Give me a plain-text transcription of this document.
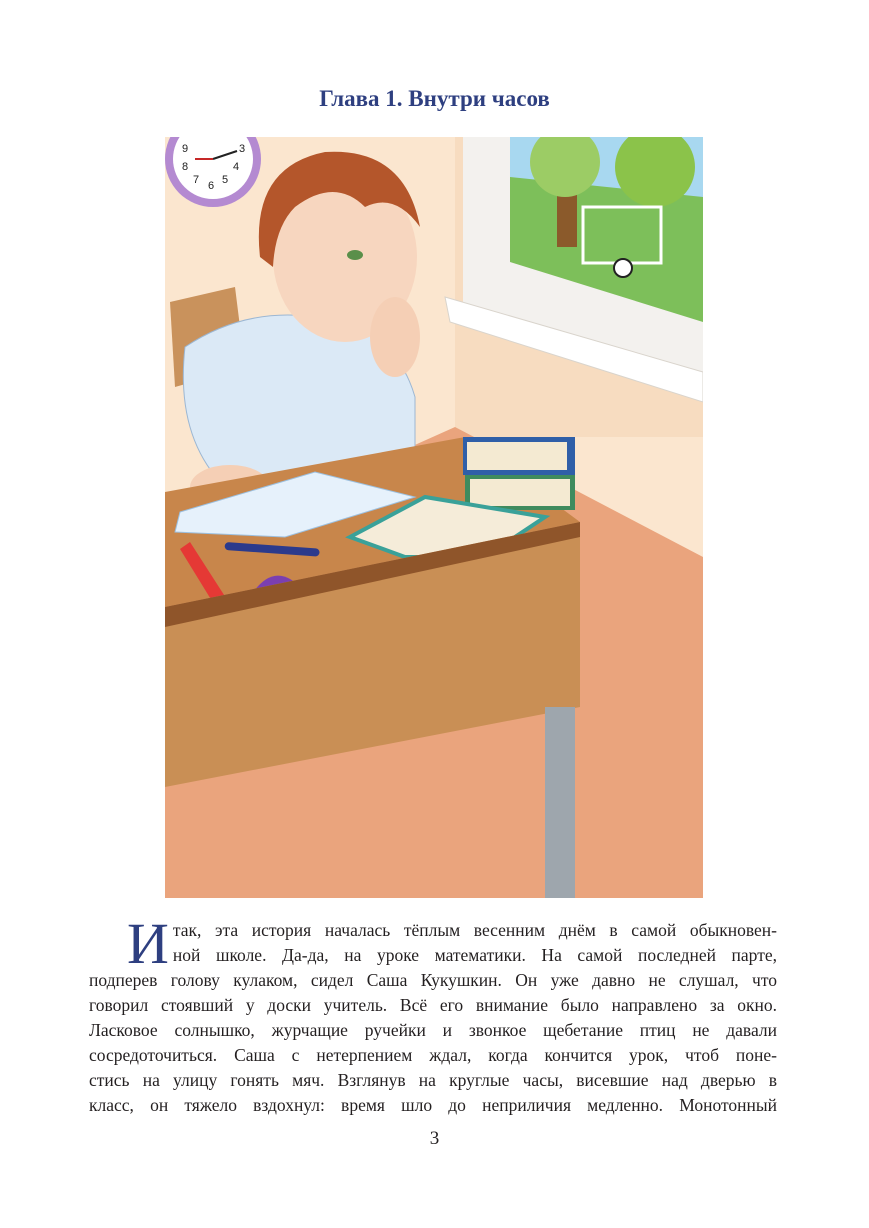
Глава 1. Внутри часов
9
8
7 6 5
4
3

И так, эта история началась тёплым весенним днём в самой обыкновен-
ной школе. Да-да, на уроке математики. На самой последней парте,
подперев голову кулаком, сидел Саша Кукушкин. Он уже давно не слушал, что
говорил стоявший у доски учитель. Всё его внимание было направлено за окно.
Ласковое солнышко, журчащие ручейки и звонкое щебетание птиц не давали
сосредоточиться. Саша с нетерпением ждал, когда кончится урок, чтоб поне-
стись на улицу гонять мяч. Взглянув на круглые часы, висевшие над дверью в
класс, он тяжело вздохнул: время шло до неприличия медленно. Монотонный

3
